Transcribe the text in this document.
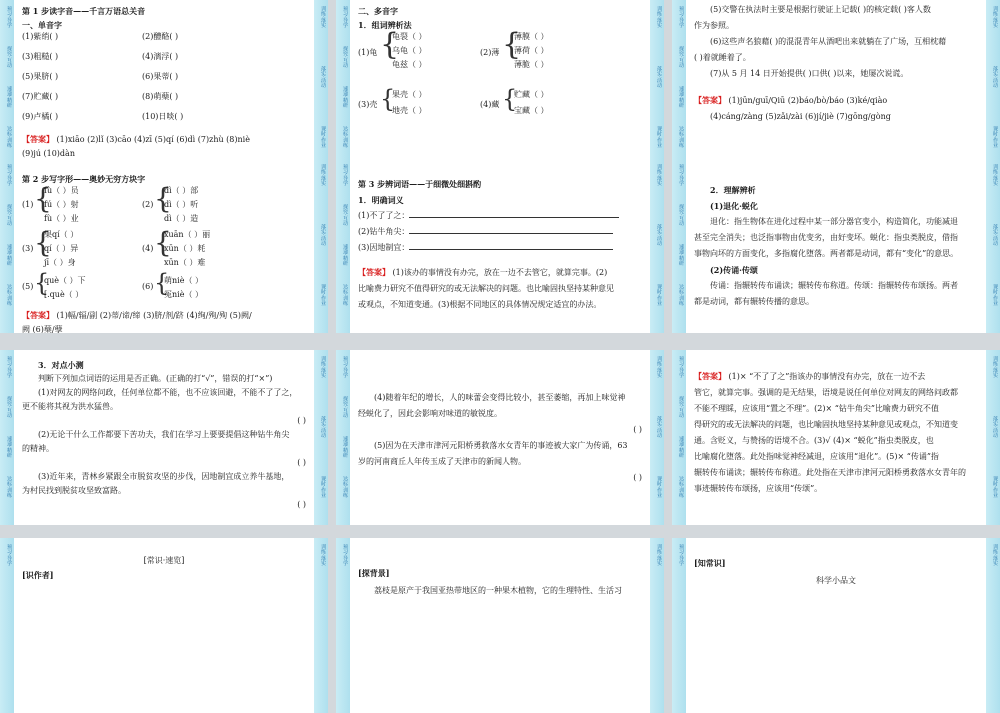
预习·导学
探究·互动
速递·精研
达标·训练
训练·落实
落实·活动
课时·作业

第 1 步读字音——千言万语总关音

一、单音字

(1)紫绡( )	(2)醴酪( )
(3)粗糙( )	(4)漓浮( )
(5)果脐( )	(6)果蒂( )
(7)贮藏( )	(8)萌蘖( )
(9)卢橘( )	(10)日啖( )

【答案】 (1)xiāo (2)lǐ (3)cāo (4)zī (5)qí (6)dì (7)zhù (8)niè

(9)jú (10)dàn

预习·导学
探究·互动
速递·精研
达标·训练
训练·落实
落实·活动
课时·作业

二、多音字

1．组词辨析法

(1)龟 {
龟裂（ ）
乌龟（ ）
龟兹（ ）
(2)薄 {
薄膜（ ）
薄荷（ ）
薄脆（ ）
(3)壳 {
果壳（ ）
地壳（ ）
(4)藏 {
贮藏（ ）
宝藏（ ）
预习·导学
探究·互动
速递·精研
达标·训练
训练·落实
落实·活动
课时·作业

(5)交警在执法时主要是根据行驶证上记载( )的核定载( )客人数

作为参照。

(6)这些声名狼藉( )的混混青年从酒吧出来就躺在了广场，互相枕藉

( )着就睡着了。

(7)从 5 月 14 日开始提供( )口供( )以来，她屡次说谎。

【答案】 (1)jūn/guī/Qiū (2)báo/bò/báo (3)ké/qiào

(4)cáng/zàng (5)zǎi/zài (6)jí/jiè (7)gōng/gòng

预习·导学
探究·互动
速递·精研
达标·训练
训练·落实
落实·活动
课时·作业

第 2 步写字形——奥妙无穷方块字

(1) {
fù（ ）员
fú（ ）射
fù（ ）业
(2) {
dì（ ）部
dì（ ）听
dì（ ）造
(3) {
果qí（ ）
qí（ ）异
jī（ ）身
(4) {
xuān（ ）丽
xūn（ ）耗
xūn（ ）难
(5) {
què（ ）下
[.què（ ）
(6) {
萌niè（ ）
冤niè（ ）

【答案】 (1)幅/辐/副 (2)蒂/谛/缔 (3)脐/剂/跻 (4)绚/殉/殉 (5)阙/

阙 (6)蘖/孽

预习·导学
探究·互动
速递·精研
达标·训练
训练·落实
落实·活动
课时·作业

第 3 步辨词语——于细微处细斟酌

1．明确词义

(1)不了了之：

(2)钻牛角尖：

(3)因地制宜：

【答案】 (1)该办的事情没有办完，放在一边不去管它，就算完事。(2)

比喻费力研究不值得研究的或无法解决的问题。也比喻固执坚持某种意见

或观点，不知道变通。(3)根据不同地区的具体情况规定适宜的办法。

预习·导学
探究·互动
速递·精研
达标·训练
训练·落实
落实·活动
课时·作业

2．理解辨析

(1)退化·蜕化

退化：指生物体在进化过程中某一部分器官变小，构造简化，功能减退

甚至完全消失；也泛指事物由优变劣，由好变坏。蜕化：指虫类脱皮，借指

事物向坏的方面变化，多指腐化堕落。两者都是动词，都有“变化”的意思。

(2)传诵·传颂

传诵：指辗转传布诵读；辗转传布称道。传颂：指辗转传布颂扬。两者

都是动词，都有辗转传播的意思。

预习·导学
探究·互动
速递·精研
达标·训练
训练·落实
落实·活动
课时·作业

3．对点小测

判断下列加点词语的运用是否正确。(正确的打“√”，错误的打“×”)

(1)对网友的网络问政，任何单位都不能，也不应该回避，不能不了了之，

更不能将其视为洪水猛兽。

( )

(2)无论干什么工作都要下苦功夫，我们在学习上要要提倡这种钻牛角尖

的精神。

( )

(3)近年来，青林乡紧跟全市脱贫攻坚的步伐，因地制宜成立养牛基地，

为村民找到脱贫攻坚致富路。

( )

预习·导学
探究·互动
速递·精研
达标·训练
训练·落实
落实·活动
课时·作业

(4)随着年纪的增长，人的味蕾会变得比较小，甚至萎缩，再加上味觉神

经蜕化了，因此会影响对味道的敏锐度。

( )

(5)因为在天津市津河元阳桥勇救落水女青年的事迹被大家广为传诵，63

岁的河南商丘人年传玉成了天津市的新闻人物。

( )

预习·导学
探究·互动
速递·精研
达标·训练
训练·落实
落实·活动
课时·作业

【答案】 (1)× “不了了之”指该办的事情没有办完，放在一边不去

管它，就算完事。强调的是无结果，语境是说任何单位对网友的网络问政都

不能不理睬，应该用“置之不理”。(2)× “钻牛角尖”比喻费力研究不值

得研究的或无法解决的问题，也比喻固执地坚持某种意见或观点，不知道变

通。含贬义，与赞扬的语境不合。(3)√ (4)× “蜕化”指虫类脱皮，也

比喻腐化堕落。此处指味觉神经减退，应该用“退化”。(5)× “传诵”指

辗转传布诵读；辗转传布称道。此处指在天津市津河元阳桥勇救落水女青年的

事迹辗转传布颂扬，应该用“传颂”。

预习·导学	训练·落实

[常识·速览]

[识作者]

预习·导学	训练·落实

[探背景]

荔枝是原产于我国亚热带地区的一种果木植物，它的生理特性、生活习

预习·导学	训练·落实

[知常识]

科学小品文
